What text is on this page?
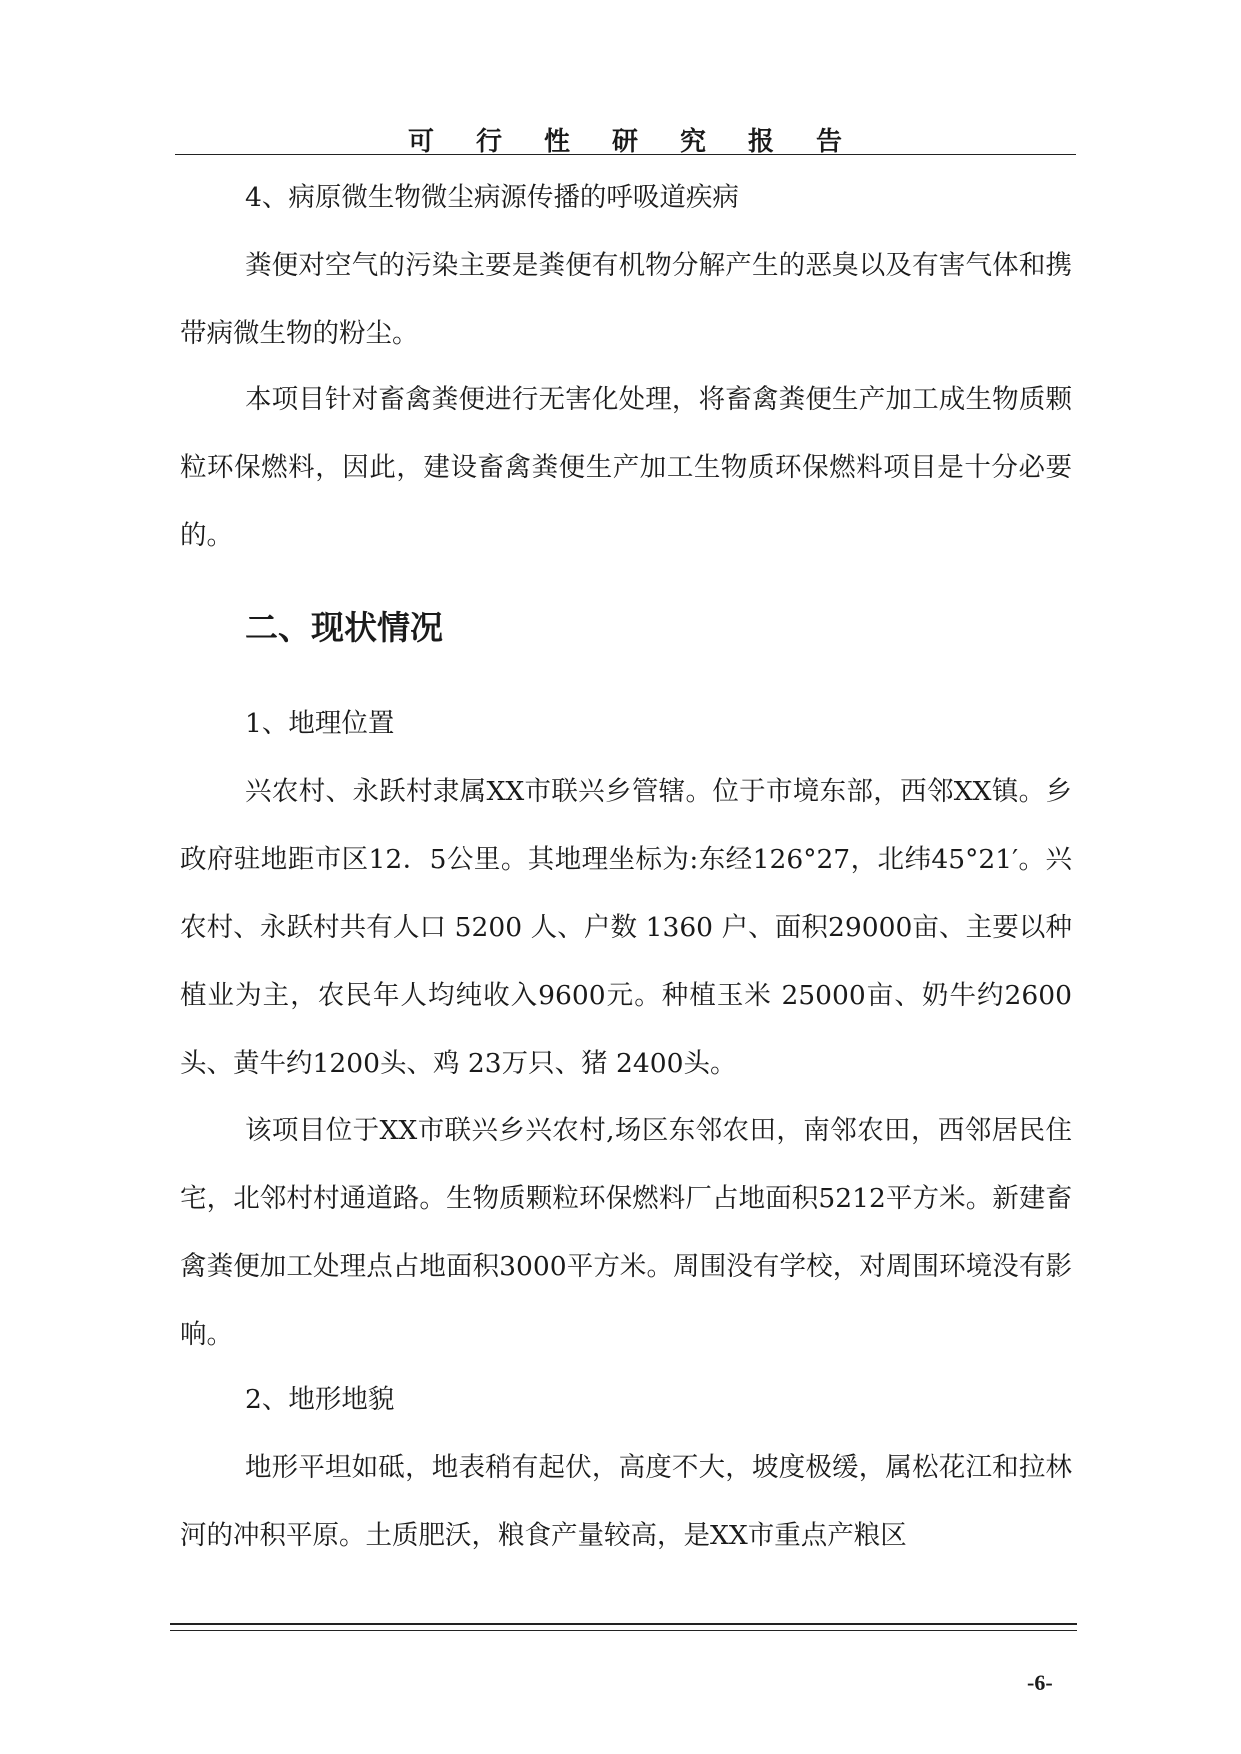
可行性研究报告

4、病原微生物微尘病源传播的呼吸道疾病

粪便对空气的污染主要是粪便有机物分解产生的恶臭以及有害气体和携带病微生物的粉尘。

本项目针对畜禽粪便进行无害化处理，将畜禽粪便生产加工成生物质颗粒环保燃料，因此，建设畜禽粪便生产加工生物质环保燃料项目是十分必要的。

二、现状情况

1、地理位置

兴农村、永跃村隶属XX市联兴乡管辖。位于市境东部，西邻XX镇。乡政府驻地距市区12．5公里。其地理坐标为:东经126°27，北纬45°21′。兴农村、永跃村共有人口 5200 人、户数 1360 户、面积29000亩、主要以种植业为主，农民年人均纯收入9600元。种植玉米 25000亩、奶牛约2600头、黄牛约1200头、鸡 23万只、猪 2400头。

该项目位于XX市联兴乡兴农村,场区东邻农田，南邻农田，西邻居民住宅，北邻村村通道路。生物质颗粒环保燃料厂占地面积5212平方米。新建畜禽粪便加工处理点占地面积3000平方米。周围没有学校，对周围环境没有影响。

2、地形地貌

地形平坦如砥，地表稍有起伏，高度不大，坡度极缓，属松花江和拉林河的冲积平原。土质肥沃，粮食产量较高，是XX市重点产粮区

-6-
